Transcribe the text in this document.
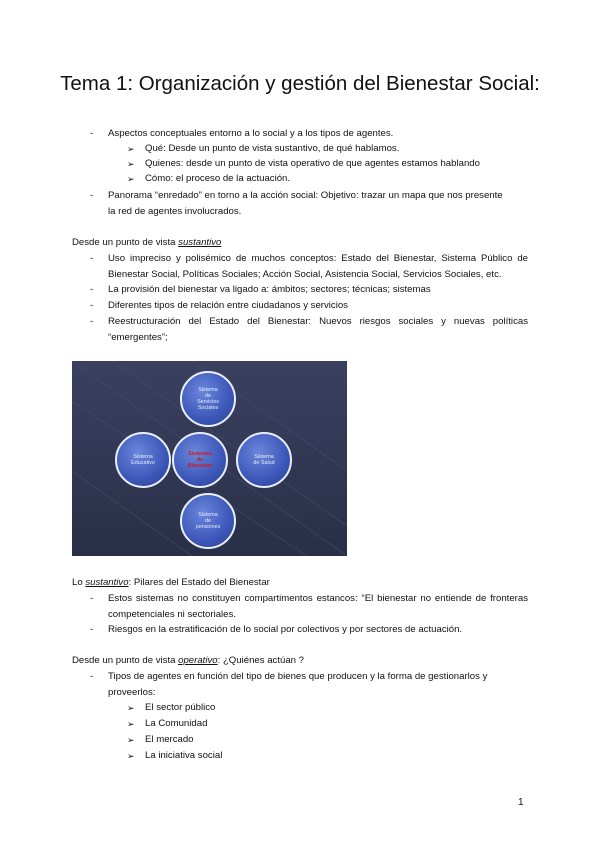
Tema 1: Organización y gestión del Bienestar Social:
- Aspectos conceptuales entorno a lo social y a los tipos de agentes.
➢ Qué: Desde un punto de vista sustantivo, de qué hablamos.
➢ Quienes: desde un punto de vista operativo de que agentes estamos hablando
➢ Cómo: el proceso de la actuación.
- Panorama “enredado” en torno a la acción social: Objetivo: trazar un mapa que nos presente
la red de agentes involucrados.
Desde un punto de vista sustantivo
- Uso impreciso y polisémico de muchos conceptos: Estado del Bienestar, Sistema Público de Bienestar Social, Políticas Sociales; Acción Social, Asistencia Social, Servicios Sociales, etc.
- La provisión del bienestar va ligado a: ámbitos; sectores; técnicas; sistemas
- Diferentes tipos de relación entre ciudadanos y servicios
- Reestructuración del Estado del Bienestar: Nuevos riesgos sociales y nuevas políticas “emergentes”;
Sistema
de
Servicios
Sociales
Sistema
Educativo
Sistemas
de
Bienestar
Sistema
de Salud
Sistema
de
pensiones
Lo sustantivo: Pilares del Estado del Bienestar
- Estos sistemas no constituyen compartimentos estancos: “El bienestar no entiende de fronteras competenciales ni sectoriales.
- Riesgos en la estratificación de lo social por colectivos y por sectores de actuación.
Desde un punto de vista operativo: ¿Quiénes actúan ?
- Tipos de agentes en función del tipo de bienes que producen y la forma de gestionarlos y proveerlos:
➢ El sector público
➢ La Comunidad
➢ El mercado
➢ La iniciativa social
1
